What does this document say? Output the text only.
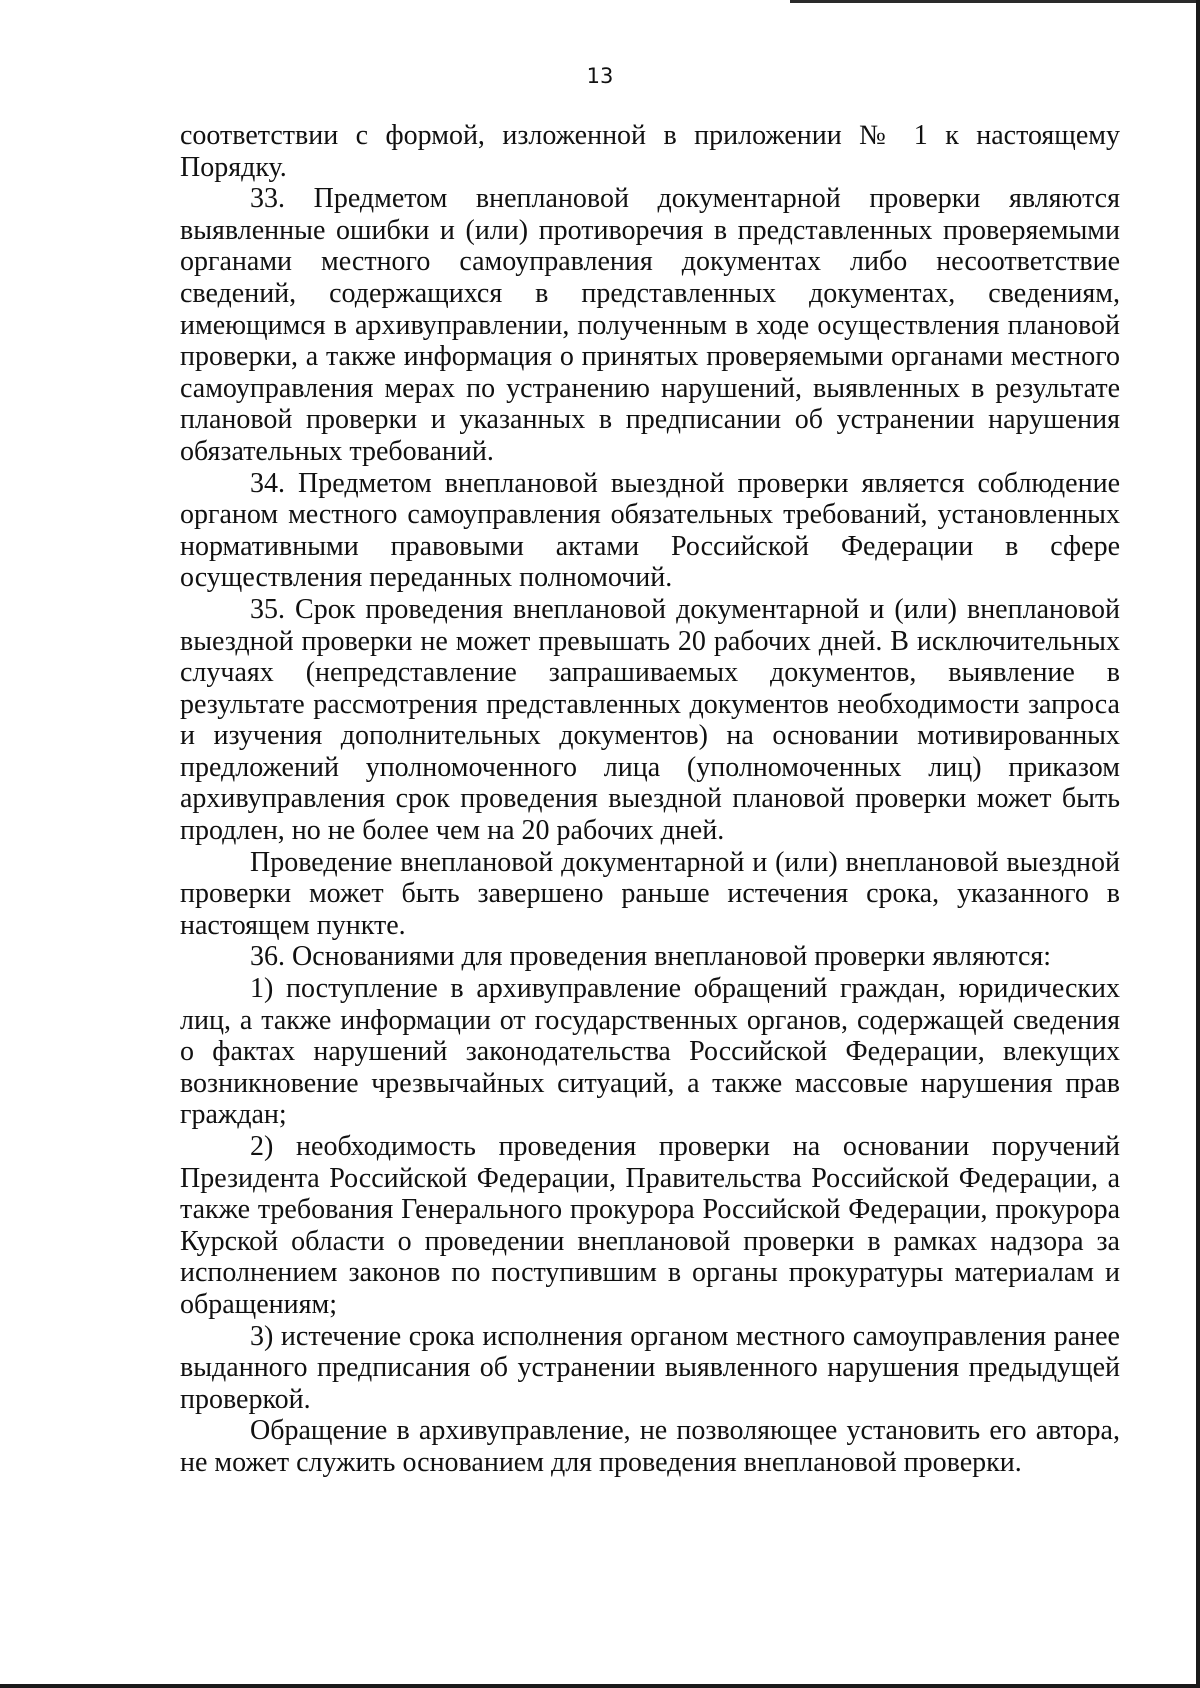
13

соответствии с формой, изложенной в приложении № 1 к настоящему Порядку.

33. Предметом внеплановой документарной проверки являются выявленные ошибки и (или) противоречия в представленных проверяемыми органами местного самоуправления документах либо несоответствие сведений, содержащихся в представленных документах, сведениям, имеющимся в архивуправлении, полученным в ходе осуществления плановой проверки, а также информация о принятых проверяемыми органами местного самоуправления мерах по устранению нарушений, выявленных в результате плановой проверки и указанных в предписании об устранении нарушения обязательных требований.

34. Предметом внеплановой выездной проверки является соблюдение органом местного самоуправления обязательных требований, установленных нормативными правовыми актами Российской Федерации в сфере осуществления переданных полномочий.

35. Срок проведения внеплановой документарной и (или) внеплановой выездной проверки не может превышать 20 рабочих дней. В исключительных случаях (непредставление запрашиваемых документов, выявление в результате рассмотрения представленных документов необходимости запроса и изучения дополнительных документов) на основании мотивированных предложений уполномоченного лица (уполномоченных лиц) приказом архивуправления срок проведения выездной плановой проверки может быть продлен, но не более чем на 20 рабочих дней.

Проведение внеплановой документарной и (или) внеплановой выездной проверки может быть завершено раньше истечения срока, указанного в настоящем пункте.

36. Основаниями для проведения внеплановой проверки являются:

1) поступление в архивуправление обращений граждан, юридических лиц, а также информации от государственных органов, содержащей сведения о фактах нарушений законодательства Российской Федерации, влекущих возникновение чрезвычайных ситуаций, а также массовые нарушения прав граждан;

2) необходимость проведения проверки на основании поручений Президента Российской Федерации, Правительства Российской Федерации, а также требования Генерального прокурора Российской Федерации, прокурора Курской области о проведении внеплановой проверки в рамках надзора за исполнением законов по поступившим в органы прокуратуры материалам и обращениям;

3) истечение срока исполнения органом местного самоуправления ранее выданного предписания об устранении выявленного нарушения предыдущей проверкой.

Обращение в архивуправление, не позволяющее установить его автора, не может служить основанием для проведения внеплановой проверки.
